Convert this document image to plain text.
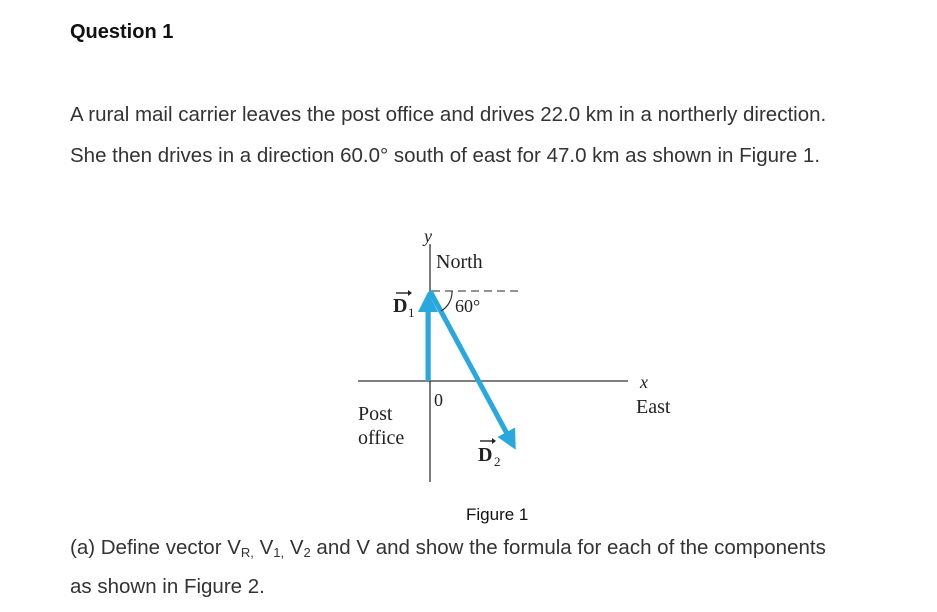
Question 1
A rural mail carrier leaves the post office and drives 22.0 km in a northerly direction.
She then drives in a direction 60.0° south of east for 47.0 km as shown in Figure 1.
y
North
60°
x
East
0
Post
office
D 1
D 2
Figure 1
(a) Define vector $V_{R,}$ $V_{1,}$ $V_2$ and V and show the formula for each of the components
as shown in Figure 2.
